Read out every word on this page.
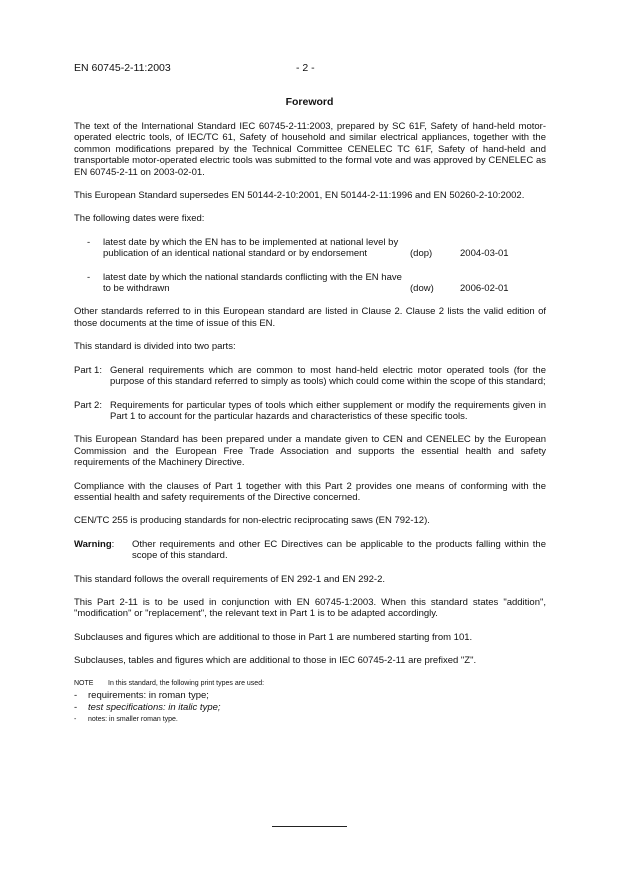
EN 60745-2-11:2003	- 2 -
Foreword

The text of the International Standard IEC 60745-2-11:2003, prepared by SC 61F, Safety of hand-held motor-operated electric tools, of IEC/TC 61, Safety of household and similar electrical appliances, together with the common modifications prepared by the Technical Committee CENELEC TC 61F, Safety of hand-held and transportable motor-operated electric tools was submitted to the formal vote and was approved by CENELEC as EN 60745-2-11 on 2003-02-01.

This European Standard supersedes EN 50144-2-10:2001, EN 50144-2-11:1996 and EN 50260-2-10:2002.

The following dates were fixed:

-	latest date by which the EN has to be implemented at national level by publication of an identical national standard or by endorsement	(dop)	2004-03-01
-	latest date by which the national standards conflicting with the EN have to be withdrawn	(dow)	2006-02-01

Other standards referred to in this European standard are listed in Clause 2. Clause 2 lists the valid edition of those documents at the time of issue of this EN.

This standard is divided into two parts:

Part 1: General requirements which are common to most hand-held electric motor operated tools (for the purpose of this standard referred to simply as tools) which could come within the scope of this standard;
Part 2: Requirements for particular types of tools which either supplement or modify the requirements given in Part 1 to account for the particular hazards and characteristics of these specific tools.

This European Standard has been prepared under a mandate given to CEN and CENELEC by the European Commission and the European Free Trade Association and supports the essential health and safety requirements of the Machinery Directive.

Compliance with the clauses of Part 1 together with this Part 2 provides one means of conforming with the essential health and safety requirements of the Directive concerned.

CEN/TC 255 is producing standards for non-electric reciprocating saws (EN 792-12).

Warning:	Other requirements and other EC Directives can be applicable to the products falling within the scope of this standard.

This standard follows the overall requirements of EN 292-1 and EN 292-2.

This Part 2-11 is to be used in conjunction with EN 60745-1:2003. When this standard states "addition", "modification" or "replacement", the relevant text in Part 1 is to be adapted accordingly.

Subclauses and figures which are additional to those in Part 1 are numbered starting from 101.

Subclauses, tables and figures which are additional to those in IEC 60745-2-11 are prefixed "Z".

NOTE	In this standard, the following print types are used:
-	requirements: in roman type;
-	test specifications: in italic type;
-	notes: in smaller roman type.
